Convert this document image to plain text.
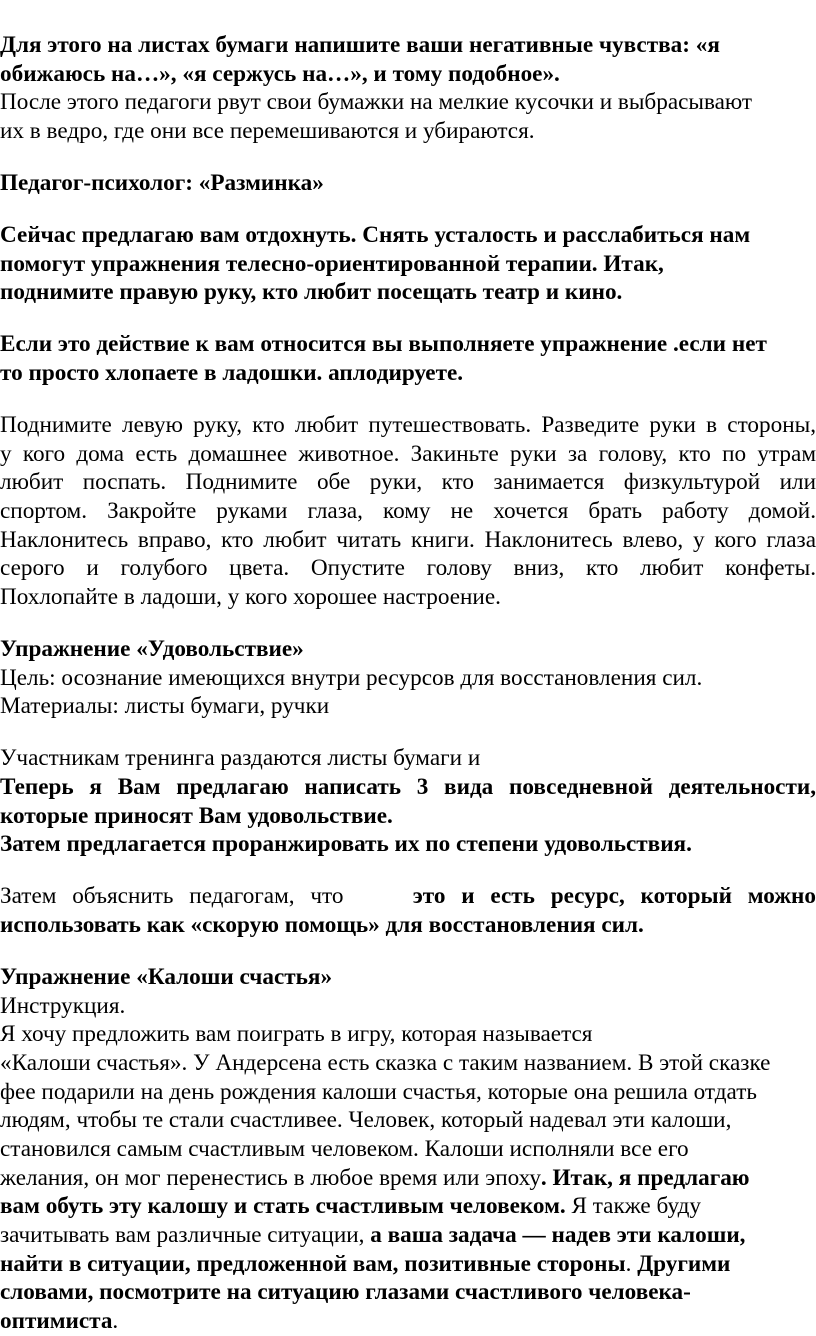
Для этого на листах бумаги напишите ваши негативные чувства: «я
обижаюсь на…», «я сержусь на…», и тому подобное».
После этого педагоги рвут свои бумажки на мелкие кусочки и выбрасывают
их в ведро, где они все перемешиваются и убираются.
Педагог-психолог: «Разминка»
Сейчас предлагаю вам отдохнуть. Снять усталость и расслабиться нам
помогут упражнения телесно-ориентированной терапии. Итак,
поднимите правую руку, кто любит посещать театр и кино.
Если это действие к вам относится вы выполняете упражнение .если нет
то просто хлопаете в ладошки. аплодируете.
Поднимите левую руку, кто любит путешествовать. Разведите руки в стороны,
у кого дома есть домашнее животное. Закиньте руки за голову, кто по утрам
любит поспать. Поднимите обе руки, кто занимается физкультурой или
спортом. Закройте руками глаза, кому не хочется брать работу домой.
Наклонитесь вправо, кто любит читать книги. Наклонитесь влево, у кого глаза
серого и голубого цвета. Опустите голову вниз, кто любит конфеты.
Похлопайте в ладоши, у кого хорошее настроение.
Упражнение «Удовольствие»
Цель: осознание имеющихся внутри ресурсов для восстановления сил.
Материалы: листы бумаги, ручки
Участникам тренинга раздаются листы бумаги и
Теперь я Вам предлагаю написать 3 вида повседневной деятельности,
которые приносят Вам удовольствие.
Затем предлагается проранжировать их по степени удовольствия.
Затем объяснить педагогам, что это и есть ресурс, который можно
использовать как «скорую помощь» для восстановления сил.
Упражнение «Калоши счастья»
Инструкция.
Я хочу предложить вам поиграть в игру, которая называется
«Калоши счастья». У Андерсена есть сказка с таким названием. В этой сказке
фее подарили на день рождения калоши счастья, которые она решила отдать
людям, чтобы те стали счастливее. Человек, который надевал эти калоши,
становился самым счастливым человеком. Калоши исполняли все его
желания, он мог перенестись в любое время или эпоху. Итак, я предлагаю
вам обуть эту калошу и стать счастливым человеком. Я также буду
зачитывать вам различные ситуации, а ваша задача — надев эти калоши,
найти в ситуации, предложенной вам, позитивные стороны. Другими
словами, посмотрите на ситуацию глазами счастливого человека-
оптимиста.
